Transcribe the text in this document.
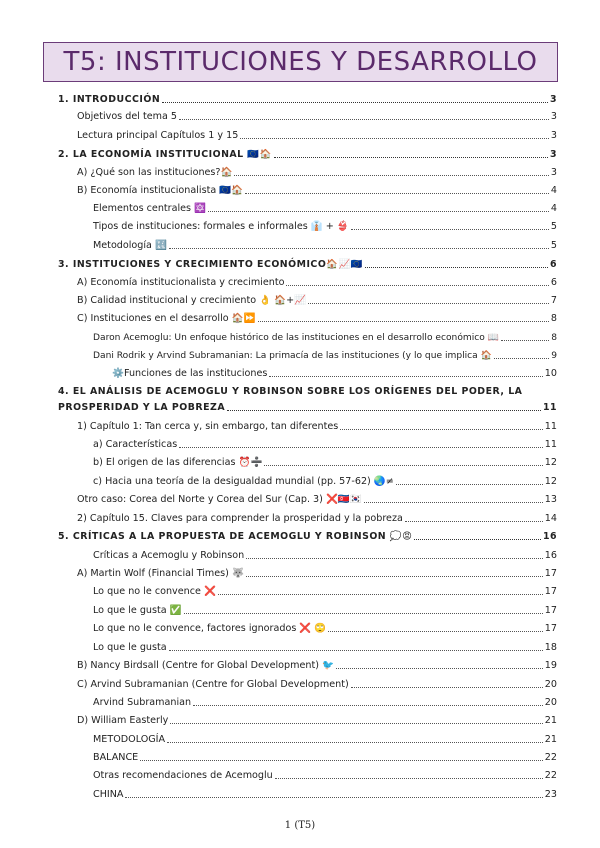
T5: INSTITUCIONES Y DESARROLLO
1. INTRODUCCIÓN	3
Objetivos del tema 5	3
Lectura principal Capítulos 1 y 15	3
2. LA ECONOMÍA INSTITUCIONAL 🇪🇺🏠	3
A) ¿Qué son las instituciones?🏠	3
B) Economía institucionalista 🇪🇺🏠	4
Elementos centrales 🔯	4
Tipos de instituciones: formales e informales 👔 + 👙	5
Metodología 🔣	5
3. INSTITUCIONES Y CRECIMIENTO ECONÓMICO🏠📈🇪🇺	6
A) Economía institucionalista y crecimiento	6
B) Calidad institucional y crecimiento 👌 🏠+📈	7
C) Instituciones en el desarrollo 🏠⏩	8
Daron Acemoglu: Un enfoque histórico de las instituciones en el desarrollo económico 📖	8
Dani Rodrik y Arvind Subramanian: La primacía de las instituciones (y lo que implica 🏠	9
⚙️Funciones de las instituciones	10
4. EL ANÁLISIS DE ACEMOGLU Y ROBINSON SOBRE LOS ORÍGENES DEL PODER, LA
PROSPERIDAD Y LA POBREZA	11
1) Capítulo 1: Tan cerca y, sin embargo, tan diferentes	11
a) Características	11
b) El origen de las diferencias ⏰➗	12
c) Hacia una teoría de la desigualdad mundial (pp. 57-62) 🌏≠	12
Otro caso: Corea del Norte y Corea del Sur (Cap. 3) ❌🇰🇵🇰🇷	13
2) Capítulo 15. Claves para comprender la prosperidad y la pobreza	14
5. CRÍTICAS A LA PROPUESTA DE ACEMOGLU Y ROBINSON 💭😡	16
Críticas a Acemoglu y Robinson	16
A) Martin Wolf (Financial Times) 🐺	17
Lo que no le convence ❌	17
Lo que le gusta ✅	17
Lo que no le convence, factores ignorados ❌ 🙄	17
Lo que le gusta	18
B) Nancy Birdsall (Centre for Global Development) 🐦	19
C) Arvind Subramanian (Centre for Global Development)	20
Arvind Subramanian	20
D) William Easterly	21
METODOLOGÍA	21
BALANCE	22
Otras recomendaciones de Acemoglu	22
CHINA	23
1 (T5)
